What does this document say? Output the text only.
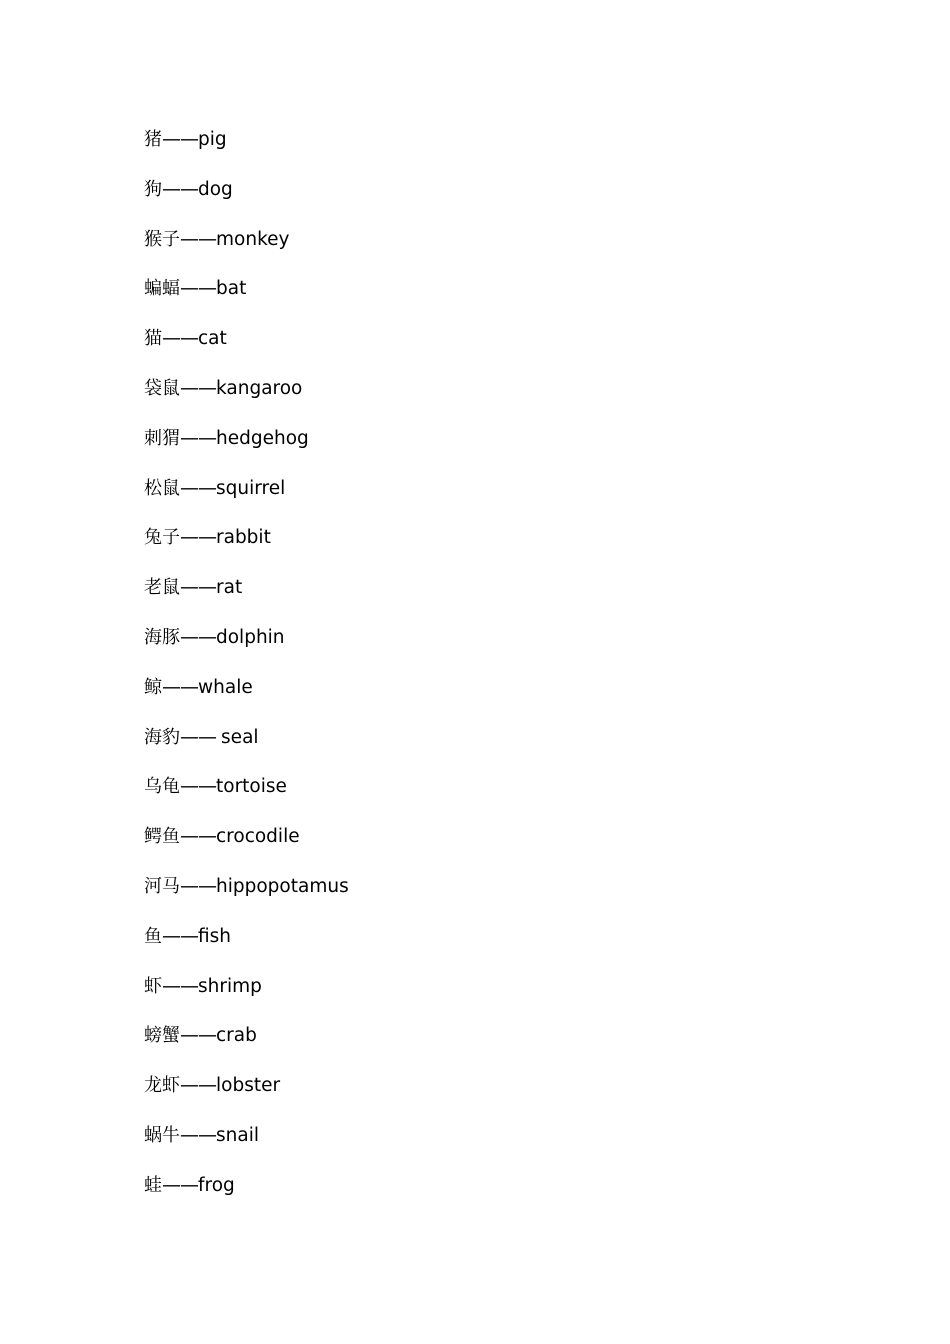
猪——pig
狗——dog
猴子——monkey
蝙蝠——bat
猫——cat
袋鼠——kangaroo
刺猬——hedgehog
松鼠——squirrel
兔子——rabbit
老鼠——rat
海豚——dolphin
鲸——whale
海豹—— seal
乌龟——tortoise
鳄鱼——crocodile
河马——hippopotamus
鱼——fish
虾——shrimp
螃蟹——crab
龙虾——lobster
蜗牛——snail
蛙——frog
